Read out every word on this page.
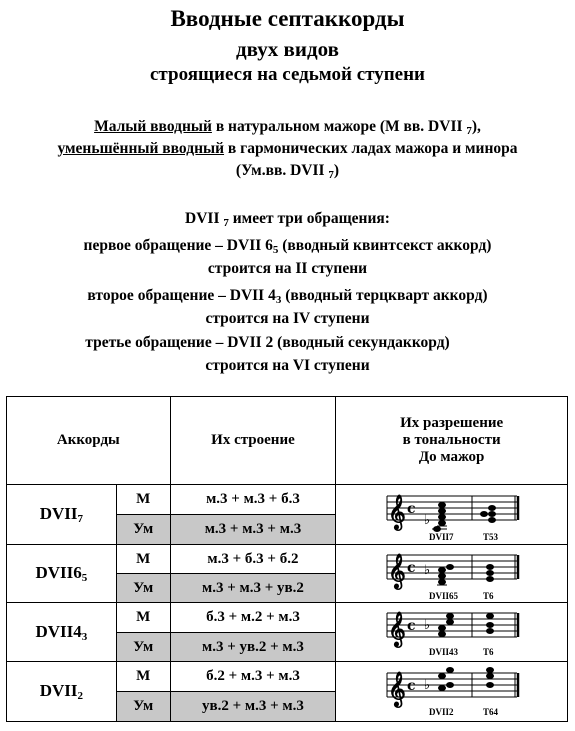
Вводные септаккорды
двух видов
строящиеся на седьмой ступени
Малый вводный в натуральном мажоре (М вв. DVII $_7$),
уменьшённый вводный в гармонических ладах мажора и минора
(Ум.вв. DVII $_7$)
DVII $_7$ имеет три обращения:
первое обращение – DVII $6_5$ (вводный квинтсекст аккорд)
строится на II ступени
второе обращение – DVII $4_3$ (вводный терцкварт аккорд)
строится на IV ступени
третье обращение – DVII 2 (вводный секундаккорд)
строится на VI ступени
Аккорды		Их строение	Их разрешение
в тональности
До мажор

$DVII_7$	М	м.3 + м.3 + б.3	𝄞 c
♭
DVII7 T53

	Ум	м.3 + м.3 + м.3	
$DVII6_5$	М	м.3 + б.3 + б.2	𝄞 c ♭
DVII65 T6

	Ум	м.3 + м.3 + ув.2	
$DVII4_3$	М	б.3 + м.2 + м.3	𝄞 c ♭
DVII43 T6

	Ум	м.3 + ув.2 + м.3	
$DVII_2$	М	б.2 + м.3 + м.3	𝄞 c ♭
DVII2 T64

	Ум	ув.2 + м.3 + м.3	
